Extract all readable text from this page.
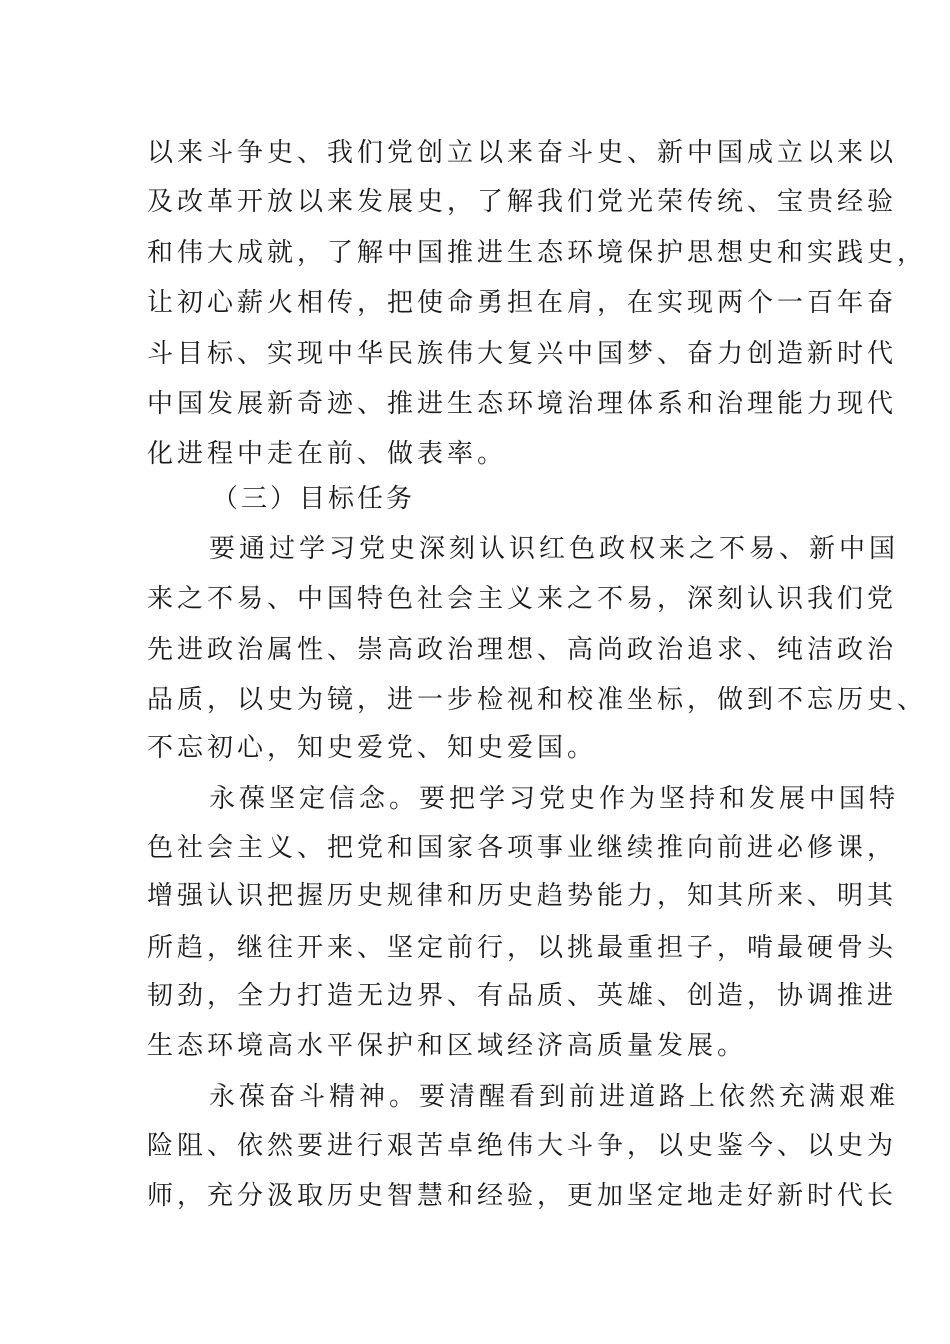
以来斗争史、我们党创立以来奋斗史、新中国成立以来以
及改革开放以来发展史，了解我们党光荣传统、宝贵经验
和伟大成就，了解中国推进生态环境保护思想史和实践史，
让初心薪火相传，把使命勇担在肩，在实现两个一百年奋
斗目标、实现中华民族伟大复兴中国梦、奋力创造新时代
中国发展新奇迹、推进生态环境治理体系和治理能力现代
化进程中走在前、做表率。
（三）目标任务
要通过学习党史深刻认识红色政权来之不易、新中国
来之不易、中国特色社会主义来之不易，深刻认识我们党
先进政治属性、崇高政治理想、高尚政治追求、纯洁政治
品质，以史为镜，进一步检视和校准坐标，做到不忘历史、
不忘初心，知史爱党、知史爱国。
永葆坚定信念。要把学习党史作为坚持和发展中国特
色社会主义、把党和国家各项事业继续推向前进必修课，
增强认识把握历史规律和历史趋势能力，知其所来、明其
所趋，继往开来、坚定前行，以挑最重担子，啃最硬骨头
韧劲，全力打造无边界、有品质、英雄、创造，协调推进
生态环境高水平保护和区域经济高质量发展。
永葆奋斗精神。要清醒看到前进道路上依然充满艰难
险阻、依然要进行艰苦卓绝伟大斗争，以史鉴今、以史为
师，充分汲取历史智慧和经验，更加坚定地走好新时代长
